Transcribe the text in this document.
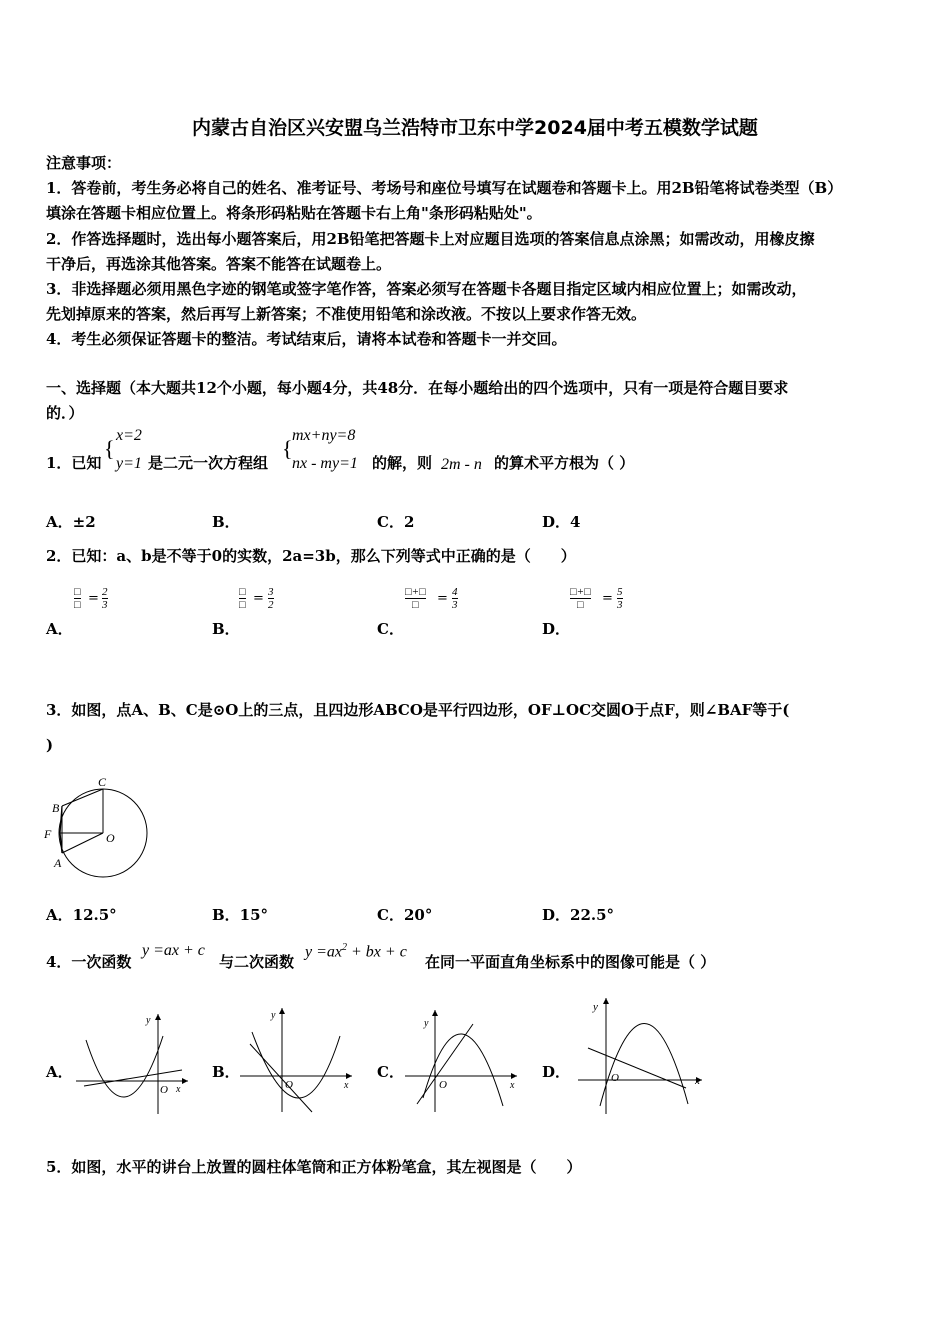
内蒙古自治区兴安盟乌兰浩特市卫东中学2024届中考五模数学试题
注意事项：
1．答卷前，考生务必将自己的姓名、准考证号、考场号和座位号填写在试题卷和答题卡上。用2B铅笔将试卷类型（B）
填涂在答题卡相应位置上。将条形码粘贴在答题卡右上角"条形码粘贴处"。
2．作答选择题时，选出每小题答案后，用2B铅笔把答题卡上对应题目选项的答案信息点涂黑；如需改动，用橡皮擦
干净后，再选涂其他答案。答案不能答在试题卷上。
3．非选择题必须用黑色字迹的钢笔或签字笔作答，答案必须写在答题卡各题目指定区域内相应位置上；如需改动，
先划掉原来的答案，然后再写上新答案；不准使用铅笔和涂改液。不按以上要求作答无效。
4．考生必须保证答题卡的整洁。考试结束后，请将本试卷和答题卡一并交回。
一、选择题（本大题共12个小题，每小题4分，共48分．在每小题给出的四个选项中，只有一项是符合题目要求
的．）
1．已知
{
x=2
y=1 是二元一次方程组
{
mx+ny=8
nx - my=1 的解，则 2m - n 的算术平方根为（ ）
A．±2	B．	C．2	D．4
2．已知：a、b是不等于0的实数，2a=3b，那么下列等式中正确的是（　　）
A．
□
□ = $\frac{2}{3}$
B．
□
□ = $\frac{3}{2}$
C．
□+□
□	= $\frac{4}{3}$
D．
□+□
□	= $\frac{5}{3}$
3．如图，点A、B、C是⊙O上的三点，且四边形ABCO是平行四边形，OF⊥OC交圆O于点F，则∠BAF等于(
)
C
B
F	O
A
A．12.5°	B．15°	C．20°	D．22.5°
4．一次函数
y =ax + c
与二次函数
$y =ax^2$ + bx + c
在同一平面直角坐标系中的图像可能是（ ）
A．
y
x
O
B．
y
x
O
C．
y
x
O
D．
y
x
O
5．如图，水平的讲台上放置的圆柱体笔筒和正方体粉笔盒，其左视图是（　　）
